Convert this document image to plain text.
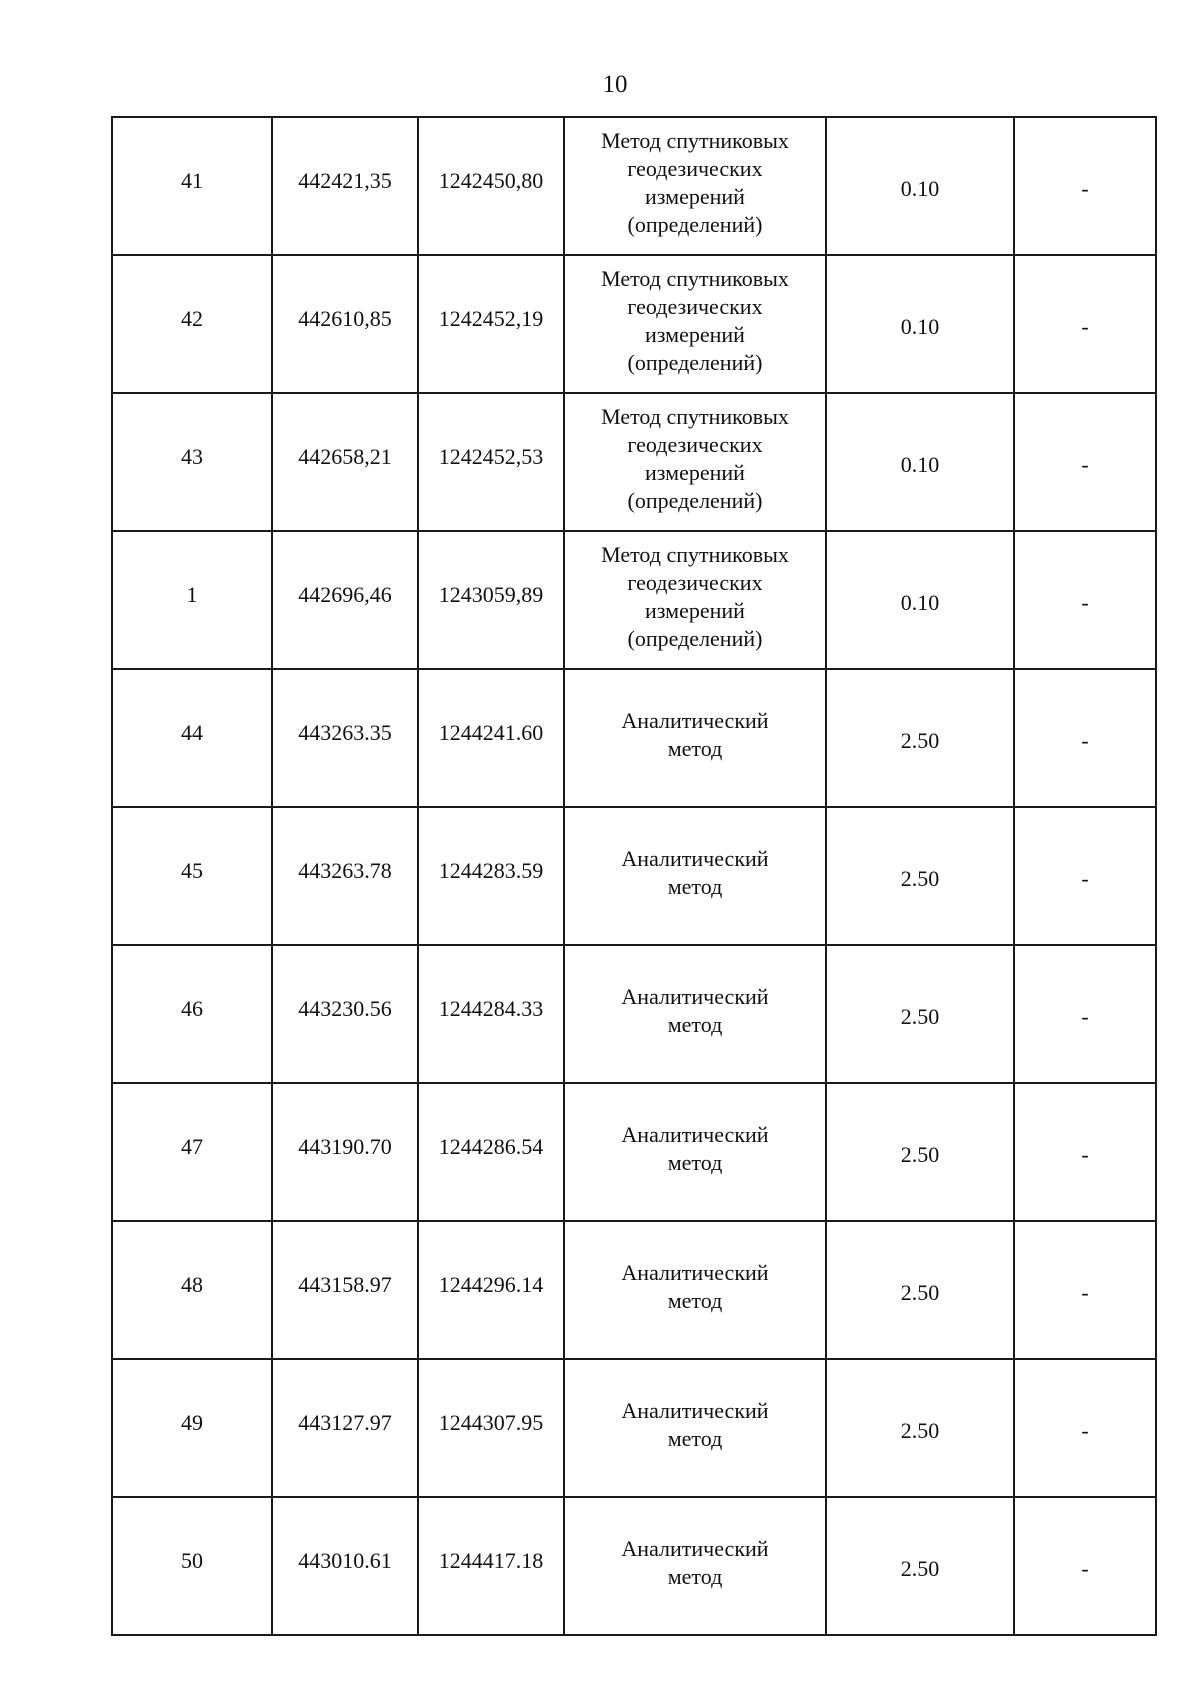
10
41	442421,35	1242450,80	Метод спутниковых
геодезических
измерений
(определений)	0.10	-
42	442610,85	1242452,19	Метод спутниковых
геодезических
измерений
(определений)	0.10	-
43	442658,21	1242452,53	Метод спутниковых
геодезических
измерений
(определений)	0.10	-
1	442696,46	1243059,89	Метод спутниковых
геодезических
измерений
(определений)	0.10	-
44	443263.35	1244241.60	Аналитический
метод	2.50	-
45	443263.78	1244283.59	Аналитический
метод	2.50	-
46	443230.56	1244284.33	Аналитический
метод	2.50	-
47	443190.70	1244286.54	Аналитический
метод	2.50	-
48	443158.97	1244296.14	Аналитический
метод	2.50	-
49	443127.97	1244307.95	Аналитический
метод	2.50	-
50	443010.61	1244417.18	Аналитический
метод	2.50	-
